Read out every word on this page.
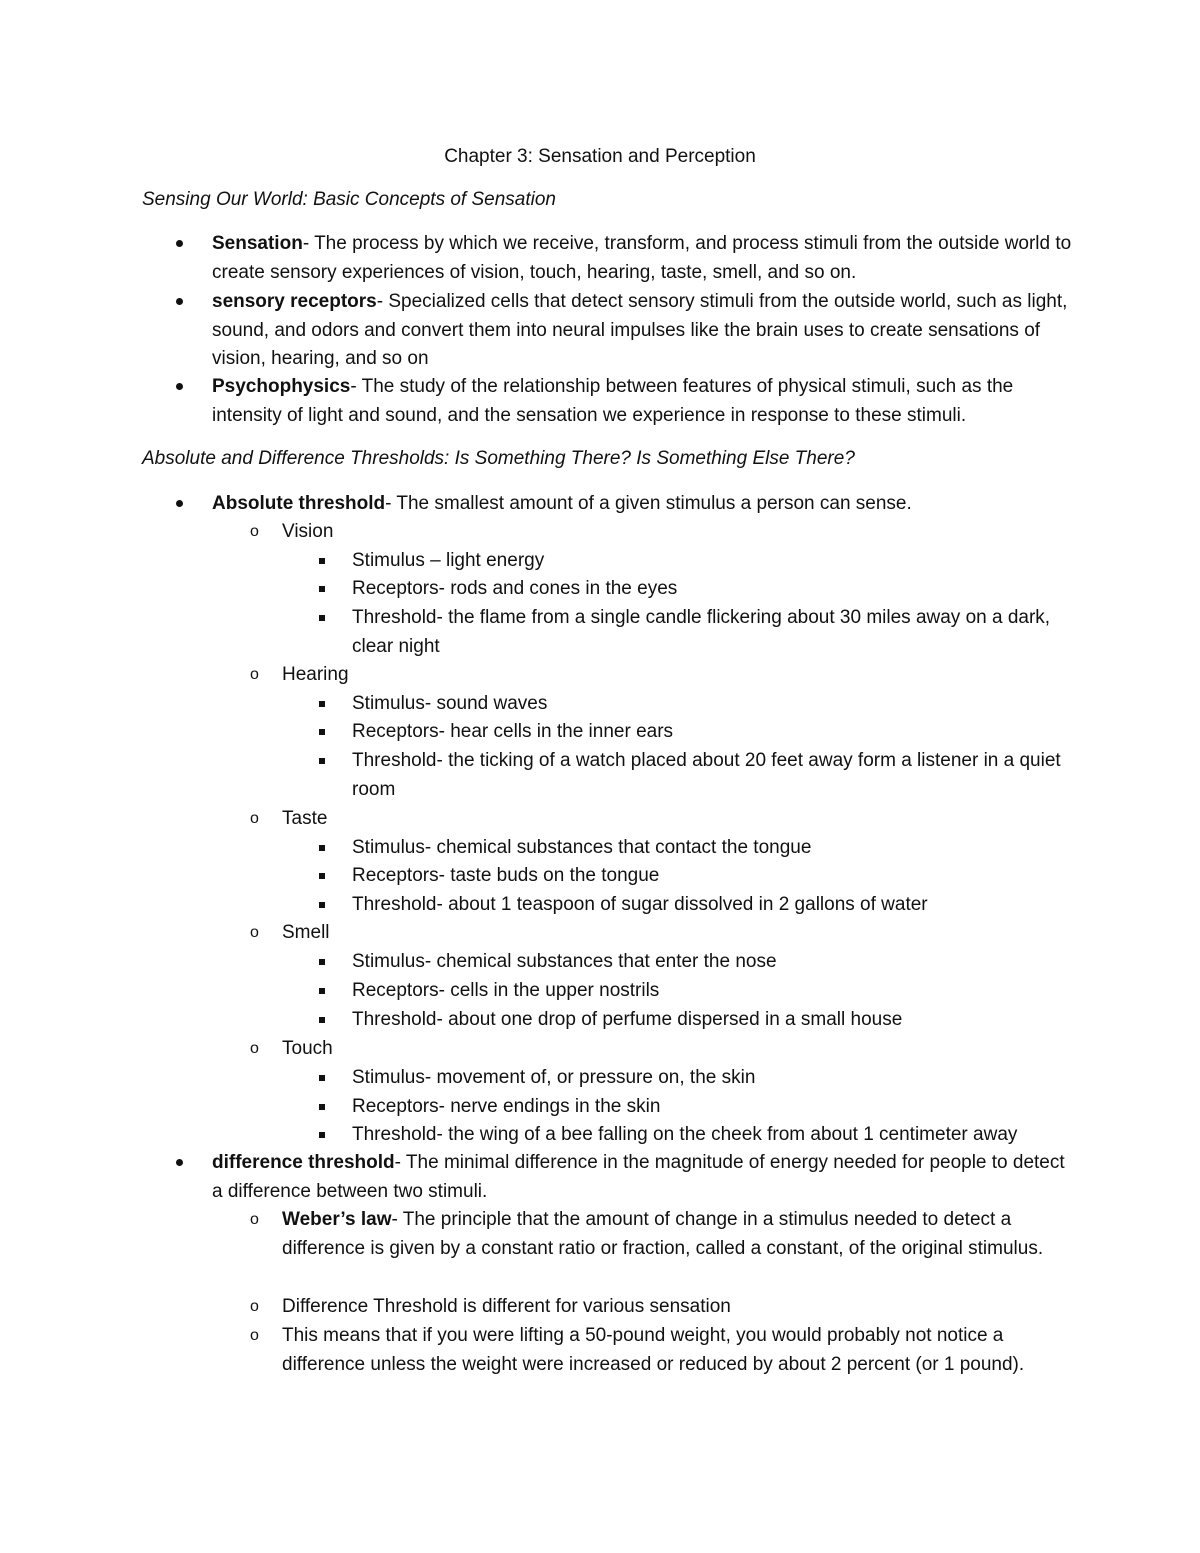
Chapter 3: Sensation and Perception
Sensing Our World: Basic Concepts of Sensation
Sensation- The process by which we receive, transform, and process stimuli from the outside world to create sensory experiences of vision, touch, hearing, taste, smell, and so on.
sensory receptors- Specialized cells that detect sensory stimuli from the outside world, such as light, sound, and odors and convert them into neural impulses like the brain uses to create sensations of vision, hearing, and so on
Psychophysics- The study of the relationship between features of physical stimuli, such as the intensity of light and sound, and the sensation we experience in response to these stimuli.
Absolute and Difference Thresholds: Is Something There? Is Something Else There?
Absolute threshold- The smallest amount of a given stimulus a person can sense.
o Vision
Stimulus – light energy
Receptors- rods and cones in the eyes
Threshold- the flame from a single candle flickering about 30 miles away on a dark, clear night
o Hearing
Stimulus- sound waves
Receptors- hear cells in the inner ears
Threshold- the ticking of a watch placed about 20 feet away form a listener in a quiet room
o Taste
Stimulus- chemical substances that contact the tongue
Receptors- taste buds on the tongue
Threshold- about 1 teaspoon of sugar dissolved in 2 gallons of water
o Smell
Stimulus- chemical substances that enter the nose
Receptors- cells in the upper nostrils
Threshold- about one drop of perfume dispersed in a small house
o Touch
Stimulus- movement of, or pressure on, the skin
Receptors- nerve endings in the skin
Threshold- the wing of a bee falling on the cheek from about 1 centimeter away
difference threshold- The minimal difference in the magnitude of energy needed for people to detect a difference between two stimuli.
o Weber’s law- The principle that the amount of change in a stimulus needed to detect a difference is given by a constant ratio or fraction, called a constant, of the original stimulus.
o Difference Threshold is different for various sensation
o This means that if you were lifting a 50-pound weight, you would probably not notice a difference unless the weight were increased or reduced by about 2 percent (or 1 pound).
